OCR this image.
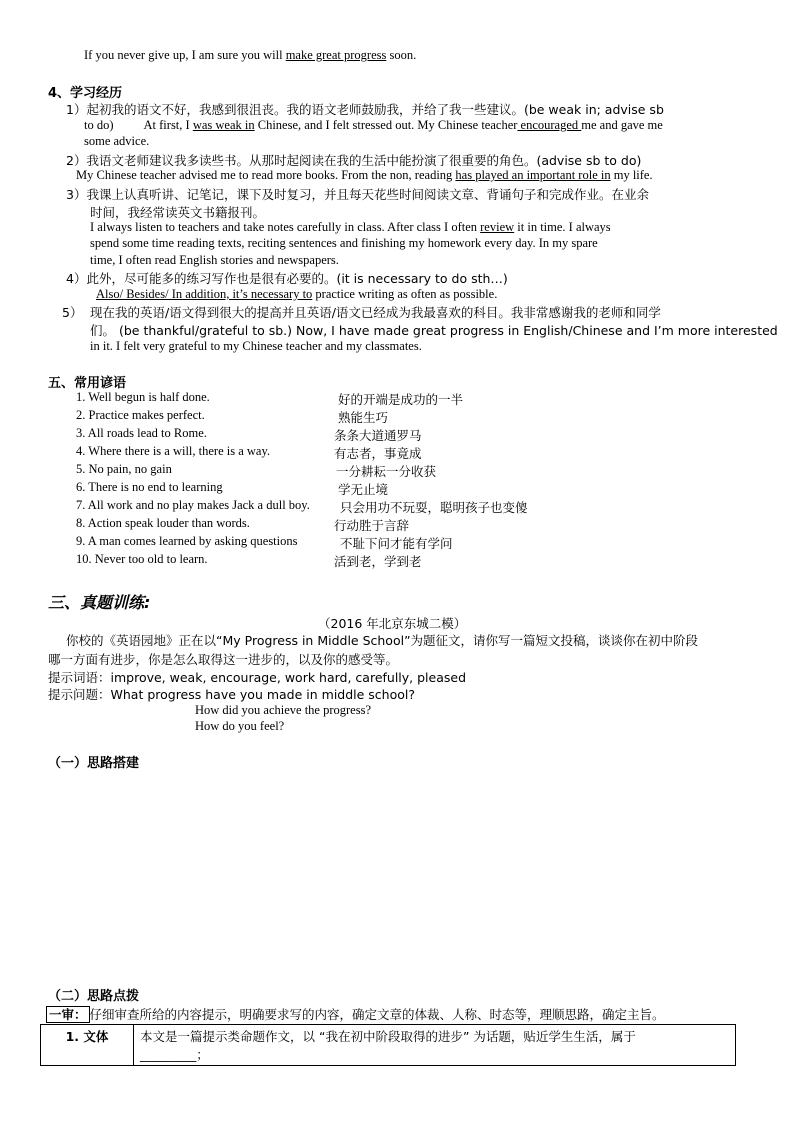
If you never give up, I am sure you will make great progress soon.
4、学习经历
1）起初我的语文不好，我感到很沮丧。我的语文老师鼓励我，并给了我一些建议。(be weak in; advise sb
to do) At first, I was weak in Chinese, and I felt stressed out. My Chinese teacher encouraged me and gave me
some advice.
2）我语文老师建议我多读些书。从那时起阅读在我的生活中能扮演了很重要的角色。(advise sb to do)
My Chinese teacher advised me to read more books. From the non, reading has played an important role in my life.
3）我课上认真听讲、记笔记，课下及时复习，并且每天花些时间阅读文章、背诵句子和完成作业。在业余
时间，我经常读英文书籍报刊。
I always listen to teachers and take notes carefully in class. After class I often review it in time. I always
spend some time reading texts, reciting sentences and finishing my homework every day. In my spare
time, I often read English stories and newspapers.
4）此外，尽可能多的练习写作也是很有必要的。(it is necessary to do sth…)
Also/ Besides/ In addition, it’s necessary to practice writing as often as possible.
5） 现在我的英语/语文得到很大的提高并且英语/语文已经成为我最喜欢的科目。我非常感谢我的老师和同学
们。 (be thankful/grateful to sb.) Now, I have made great progress in English/Chinese and I’m more interested
in it. I felt very grateful to my Chinese teacher and my classmates.
五、常用谚语
1. Well begun is half done.	好的开端是成功的一半
2. Practice makes perfect.	熟能生巧
3. All roads lead to Rome.	条条大道通罗马
4. Where there is a will, there is a way.	有志者，事竟成
5. No pain, no gain	一分耕耘一分收获
6. There is no end to learning	学无止境
7. All work and no play makes Jack a dull boy. 只会用功不玩耍，聪明孩子也变傻
8. Action speak louder than words.	行动胜于言辞
9. A man comes learned by asking questions	不耻下问才能有学问
10. Never too old to learn.	活到老，学到老
三、真题训练:
（2016 年北京东城二模）
你校的《英语园地》正在以“My Progress in Middle School”为题征文，请你写一篇短文投稿，谈谈你在初中阶段
哪一方面有进步，你是怎么取得这一进步的，以及你的感受等。
提示词语：improve, weak, encourage, work hard, carefully, pleased
提示问题：What progress have you made in middle school?
How did you achieve the progress?
How do you feel?
（一）思路搭建
（二）思路点拨
一审： 仔细审查所给的内容提示，明确要求写的内容，确定文章的体裁、人称、时态等，理顺思路，确定主旨。
1. 文体	本文是一篇提示类命题作文，以 “我在初中阶段取得的进步” 为话题，贴近学生生活，属于
_________；
